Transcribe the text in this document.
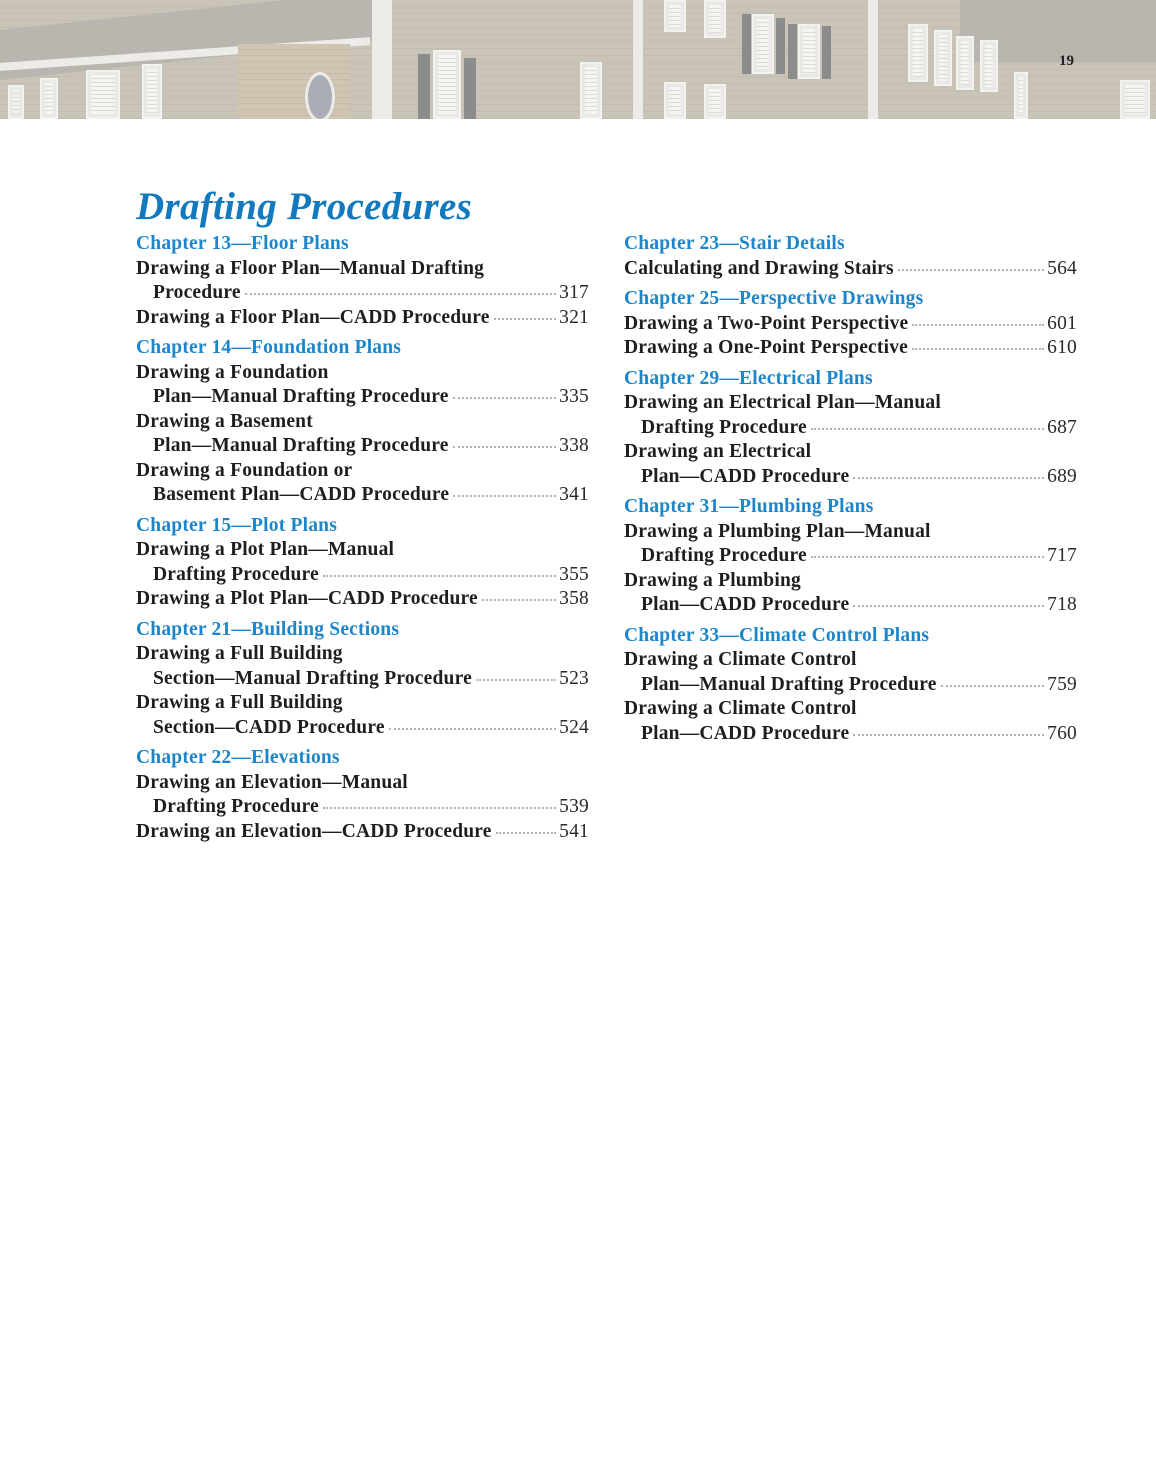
19
Drafting Procedures
Chapter 13—Floor Plans
Drawing a Floor Plan—Manual Drafting
Procedure	317
Drawing a Floor Plan—CADD Procedure	321
Chapter 14—Foundation Plans
Drawing a Foundation
Plan—Manual Drafting Procedure	335
Drawing a Basement
Plan—Manual Drafting Procedure	338
Drawing a Foundation or
Basement Plan—CADD Procedure	341
Chapter 15—Plot Plans
Drawing a Plot Plan—Manual
Drafting Procedure	355
Drawing a Plot Plan—CADD Procedure	358
Chapter 21—Building Sections
Drawing a Full Building
Section—Manual Drafting Procedure	523
Drawing a Full Building
Section—CADD Procedure	524
Chapter 22—Elevations
Drawing an Elevation—Manual
Drafting Procedure	539
Drawing an Elevation—CADD Procedure	541
Chapter 23—Stair Details
Calculating and Drawing Stairs	564
Chapter 25—Perspective Drawings
Drawing a Two-Point Perspective	601
Drawing a One-Point Perspective	610
Chapter 29—Electrical Plans
Drawing an Electrical Plan—Manual
Drafting Procedure	687
Drawing an Electrical
Plan—CADD Procedure	689
Chapter 31—Plumbing Plans
Drawing a Plumbing Plan—Manual
Drafting Procedure	717
Drawing a Plumbing
Plan—CADD Procedure	718
Chapter 33—Climate Control Plans
Drawing a Climate Control
Plan—Manual Drafting Procedure	759
Drawing a Climate Control
Plan—CADD Procedure	760
